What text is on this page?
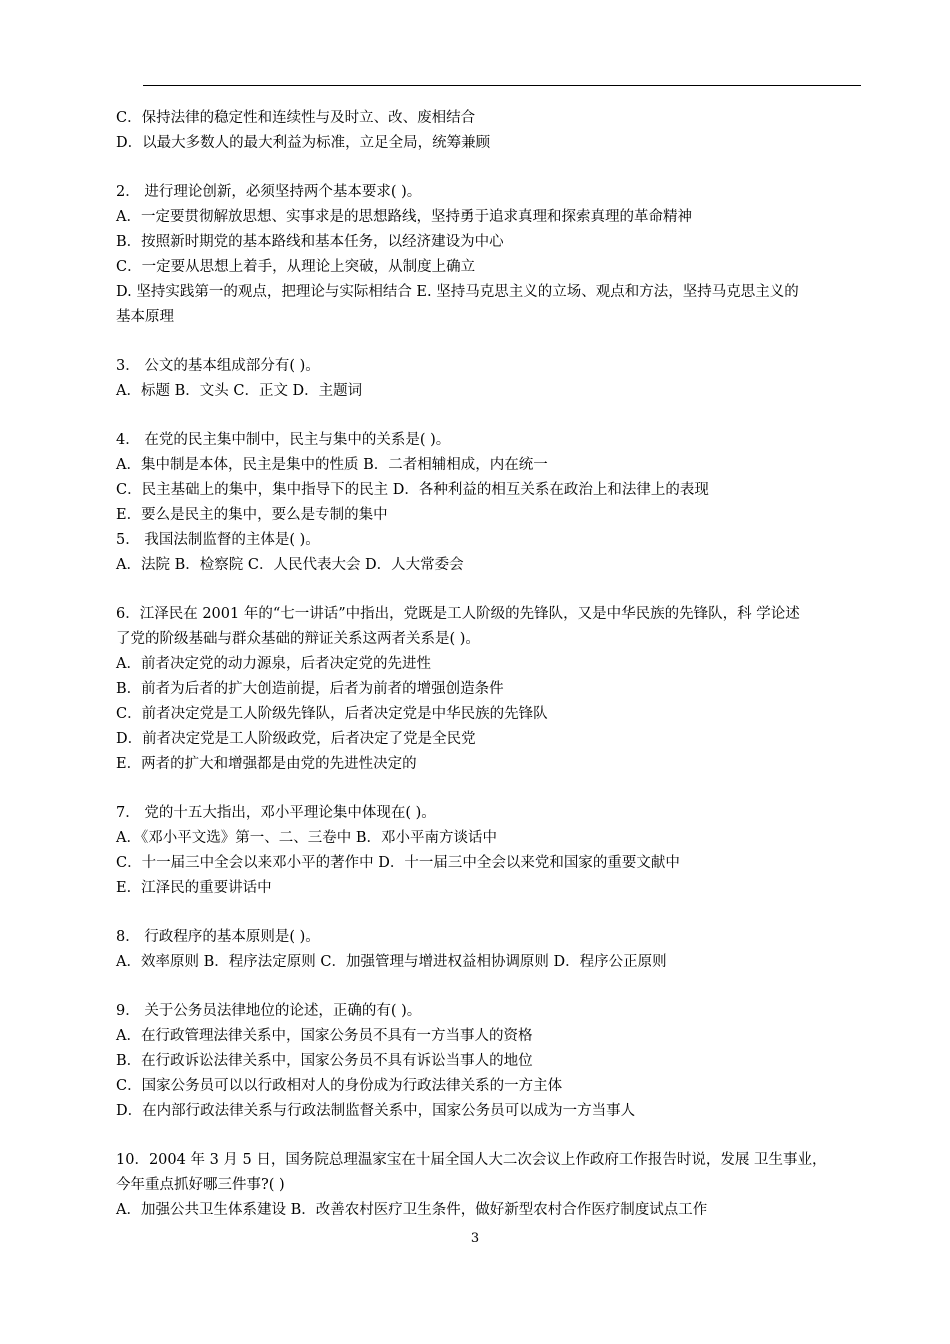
C．保持法律的稳定性和连续性与及时立、改、废相结合
D．以最大多数人的最大利益为标准，立足全局，统筹兼顾
2． 进行理论创新，必须坚持两个基本要求( )。
A．一定要贯彻解放思想、实事求是的思想路线，坚持勇于追求真理和探索真理的革命精神
B．按照新时期党的基本路线和基本任务，以经济建设为中心
C．一定要从思想上着手，从理论上突破，从制度上确立
D. 坚持实践第一的观点，把理论与实际相结合 E. 坚持马克思主义的立场、观点和方法，坚持马克思主义的
基本原理
3． 公文的基本组成部分有( )。
A．标题 B．文头 C．正文 D．主题词
4． 在党的民主集中制中，民主与集中的关系是( )。
A．集中制是本体，民主是集中的性质 B．二者相辅相成，内在统一
C．民主基础上的集中，集中指导下的民主 D．各种利益的相互关系在政治上和法律上的表现
E．要么是民主的集中，要么是专制的集中
5． 我国法制监督的主体是( )。
A．法院 B．检察院 C．人民代表大会 D．人大常委会
6．江泽民在 2001 年的“七一讲话”中指出，党既是工人阶级的先锋队，又是中华民族的先锋队，科 学论述
了党的阶级基础与群众基础的辩证关系这两者关系是( )。
A．前者决定党的动力源泉，后者决定党的先进性
B．前者为后者的扩大创造前提，后者为前者的增强创造条件
C．前者决定党是工人阶级先锋队，后者决定党是中华民族的先锋队
D．前者决定党是工人阶级政党，后者决定了党是全民党
E．两者的扩大和增强都是由党的先进性决定的
7． 党的十五大指出，邓小平理论集中体现在( )。
A．《邓小平文选》第一、二、三卷中 B．邓小平南方谈话中
C．十一届三中全会以来邓小平的著作中 D．十一届三中全会以来党和国家的重要文献中
E．江泽民的重要讲话中
8． 行政程序的基本原则是( )。
A．效率原则 B．程序法定原则 C．加强管理与增进权益相协调原则 D．程序公正原则
9． 关于公务员法律地位的论述，正确的有( )。
A．在行政管理法律关系中，国家公务员不具有一方当事人的资格
B．在行政诉讼法律关系中，国家公务员不具有诉讼当事人的地位
C．国家公务员可以以行政相对人的身份成为行政法律关系的一方主体
D．在内部行政法律关系与行政法制监督关系中，国家公务员可以成为一方当事人
10．2004 年 3 月 5 日，国务院总理温家宝在十届全国人大二次会议上作政府工作报告时说，发展 卫生事业，
今年重点抓好哪三件事?( )
A．加强公共卫生体系建设 B．改善农村医疗卫生条件，做好新型农村合作医疗制度试点工作
3
